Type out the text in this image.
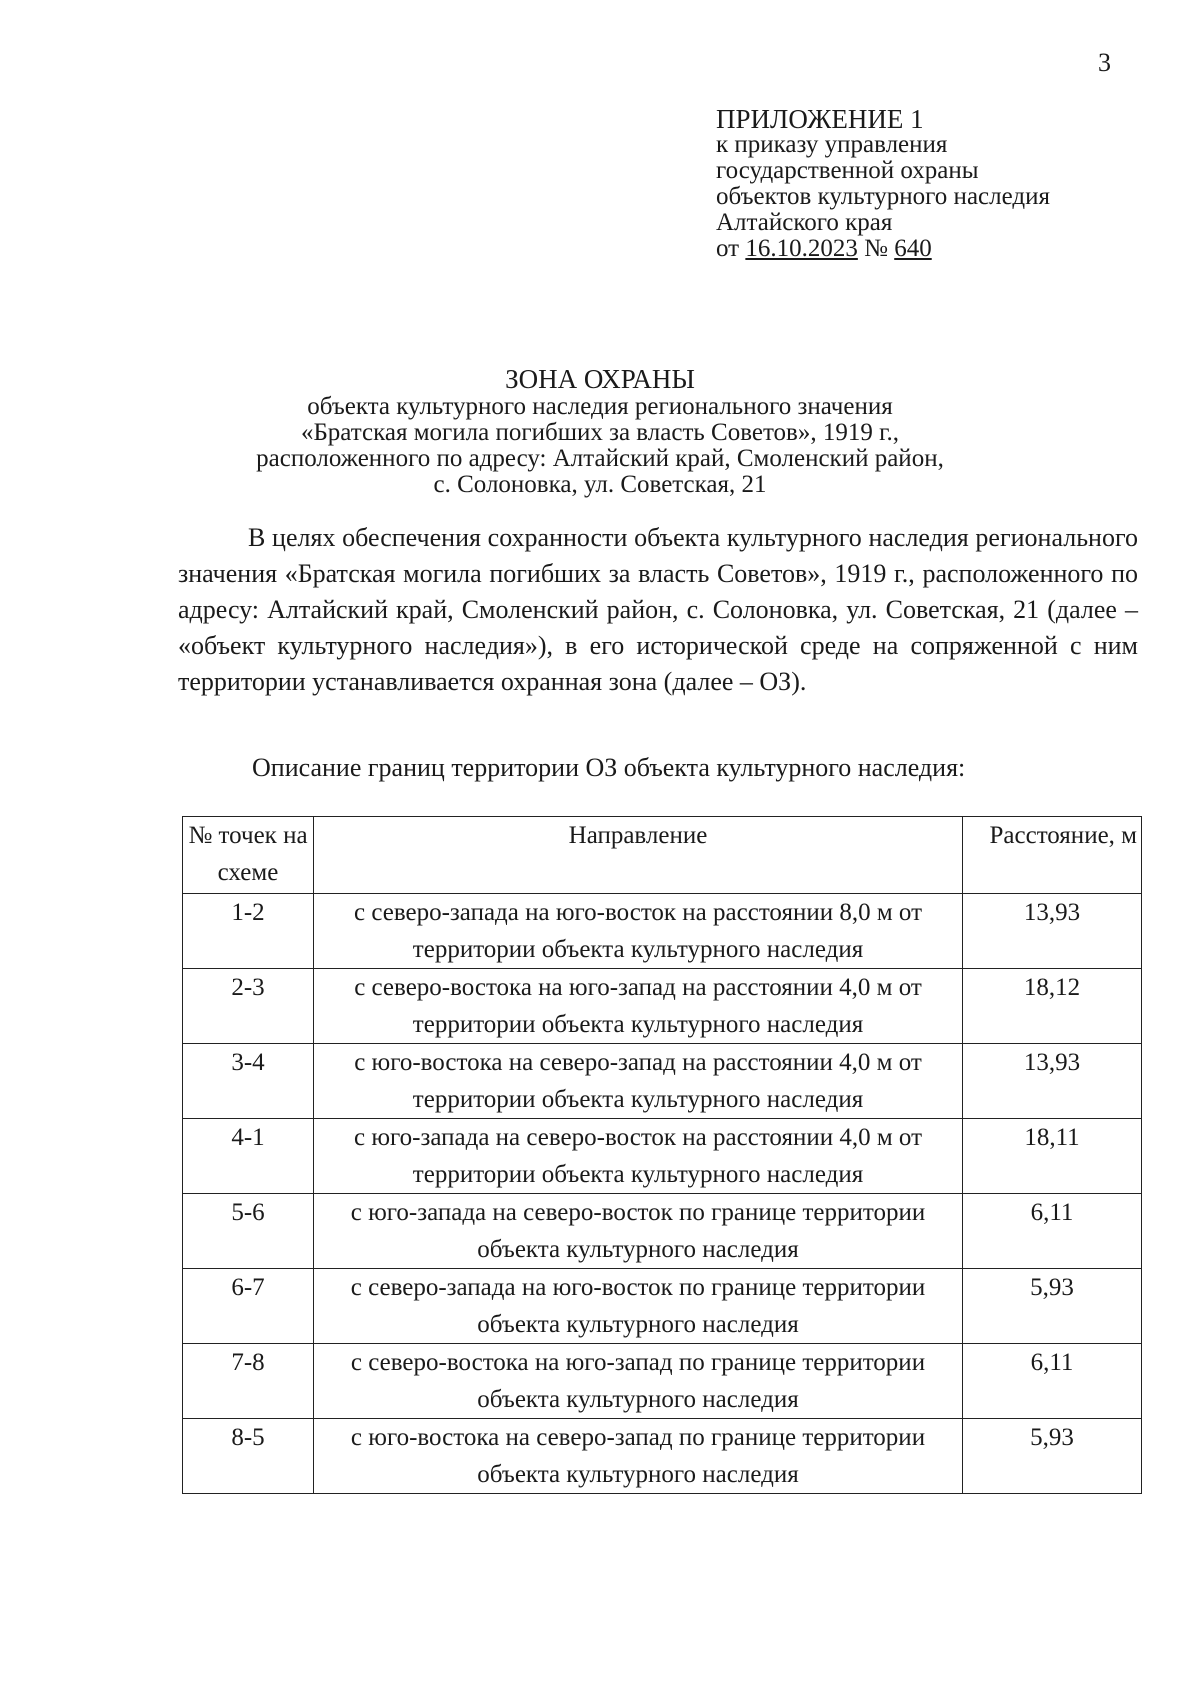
3
ПРИЛОЖЕНИЕ 1
к приказу управления
государственной охраны
объектов культурного наследия
Алтайского края
от 16.10.2023 № 640
ЗОНА ОХРАНЫ
объекта культурного наследия регионального значения
«Братская могила погибших за власть Советов», 1919 г.,
расположенного по адресу: Алтайский край, Смоленский район,
с. Солоновка, ул. Советская, 21

В целях обеспечения сохранности объекта культурного наследия регионального значения «Братская могила погибших за власть Советов», 1919 г., расположенного по адресу: Алтайский край, Смоленский район, с. Солоновка, ул. Советская, 21 (далее – «объект культурного наследия»), в его исторической среде на сопряженной с ним территории устанавливается охранная зона (далее – ОЗ).

Описание границ территории ОЗ объекта культурного наследия:
№ точек на схеме	Направление	Расстояние, м
1-2	с северо-запада на юго-восток на расстоянии 8,0 м от территории объекта культурного наследия	13,93
2-3	с северо-востока на юго-запад на расстоянии 4,0 м от территории объекта культурного наследия	18,12
3-4	с юго-востока на северо-запад на расстоянии 4,0 м от территории объекта культурного наследия	13,93
4-1	с юго-запада на северо-восток на расстоянии 4,0 м от территории объекта культурного наследия	18,11
5-6	с юго-запада на северо-восток по границе территории объекта культурного наследия	6,11
6-7	с северо-запада на юго-восток по границе территории объекта культурного наследия	5,93
7-8	с северо-востока на юго-запад по границе территории объекта культурного наследия	6,11
8-5	с юго-востока на северо-запад по границе территории объекта культурного наследия	5,93
